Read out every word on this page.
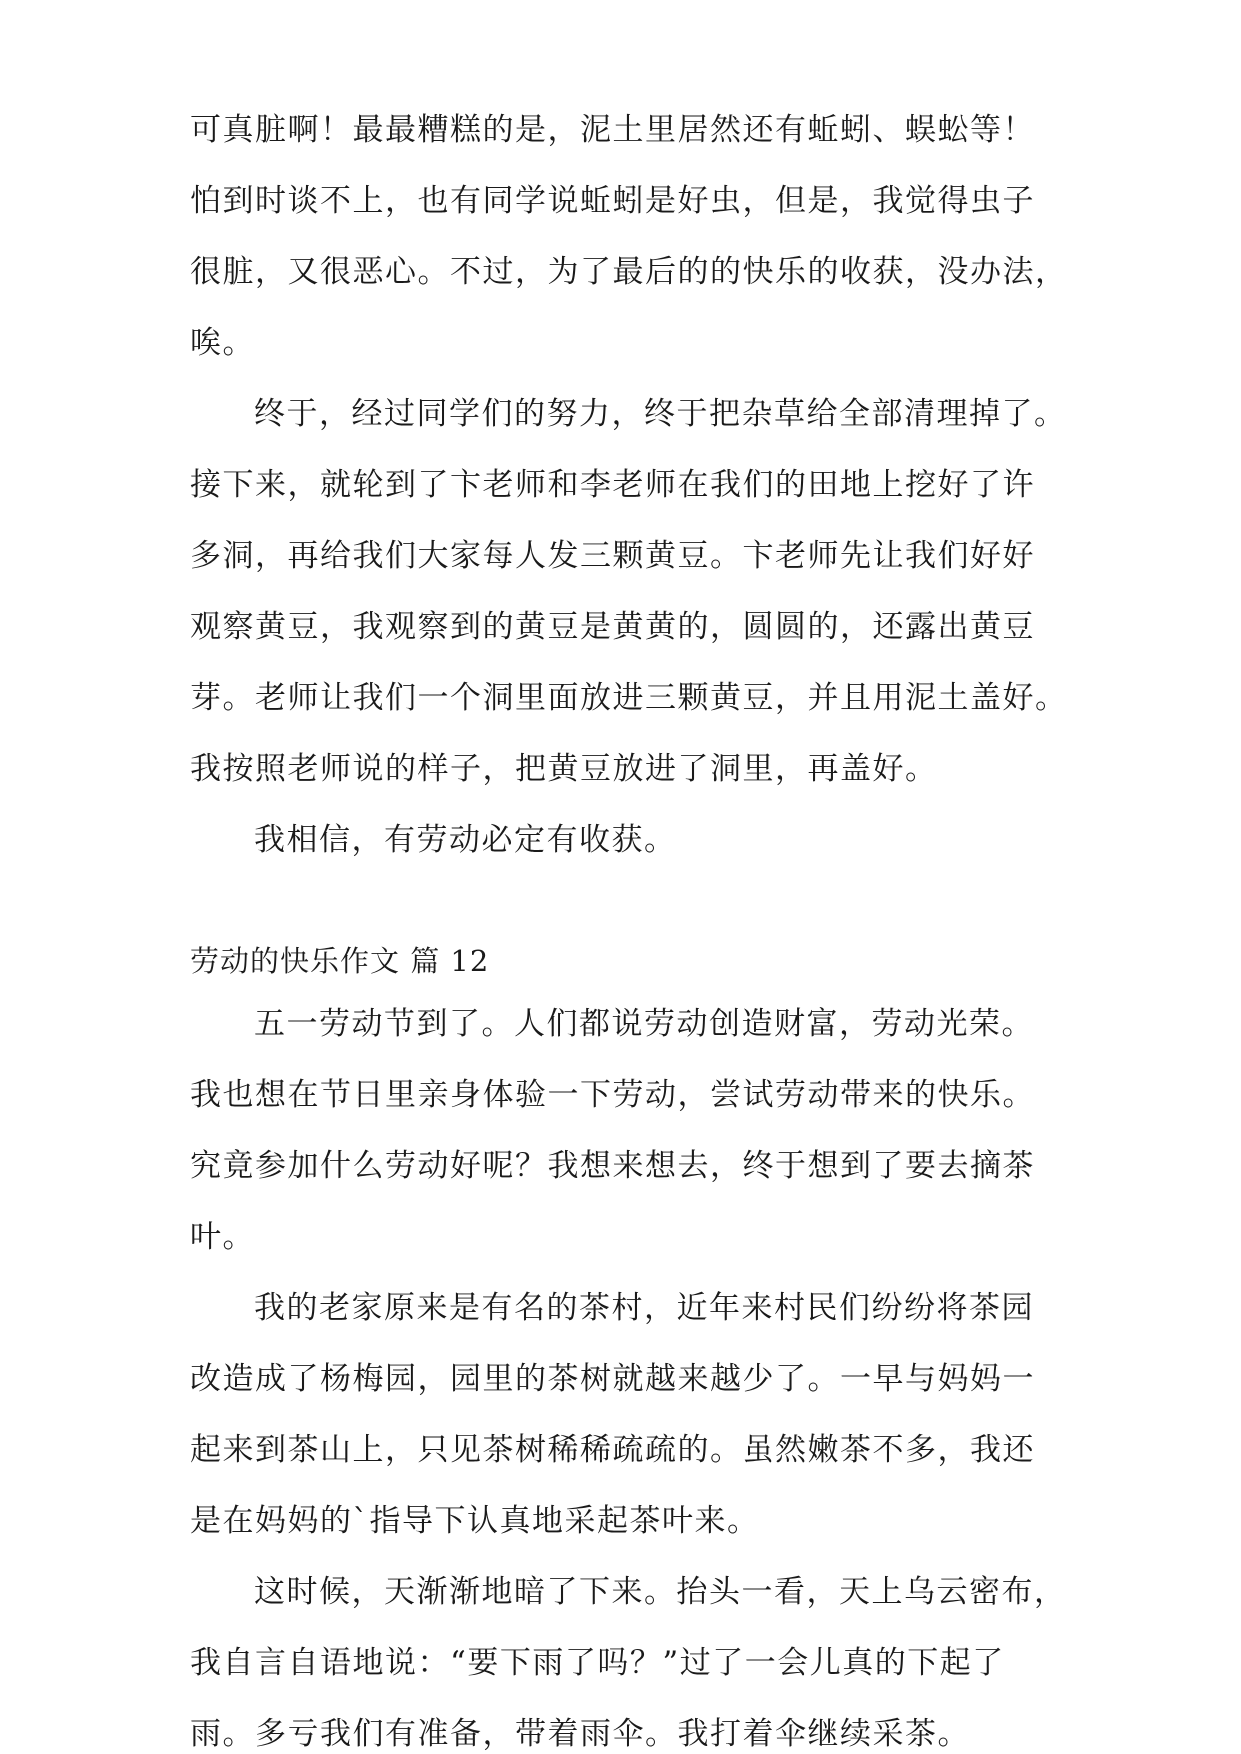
可真脏啊！最最糟糕的是，泥土里居然还有蚯蚓、蜈蚣等！
怕到时谈不上，也有同学说蚯蚓是好虫，但是，我觉得虫子
很脏，又很恶心。不过，为了最后的的快乐的收获，没办法，
唉。
终于，经过同学们的努力，终于把杂草给全部清理掉了。
接下来，就轮到了卞老师和李老师在我们的田地上挖好了许
多洞，再给我们大家每人发三颗黄豆。卞老师先让我们好好
观察黄豆，我观察到的黄豆是黄黄的，圆圆的，还露出黄豆
芽。老师让我们一个洞里面放进三颗黄豆，并且用泥土盖好。
我按照老师说的样子，把黄豆放进了洞里，再盖好。
我相信，有劳动必定有收获。
劳动的快乐作文 篇 12
五一劳动节到了。人们都说劳动创造财富，劳动光荣。
我也想在节日里亲身体验一下劳动，尝试劳动带来的快乐。
究竟参加什么劳动好呢？我想来想去，终于想到了要去摘茶
叶。
我的老家原来是有名的茶村，近年来村民们纷纷将茶园
改造成了杨梅园，园里的茶树就越来越少了。一早与妈妈一
起来到茶山上，只见茶树稀稀疏疏的。虽然嫩茶不多，我还
是在妈妈的`指导下认真地采起茶叶来。
这时候，天渐渐地暗了下来。抬头一看，天上乌云密布，
我自言自语地说：“要下雨了吗？”过了一会儿真的下起了
雨。多亏我们有准备，带着雨伞。我打着伞继续采茶。
